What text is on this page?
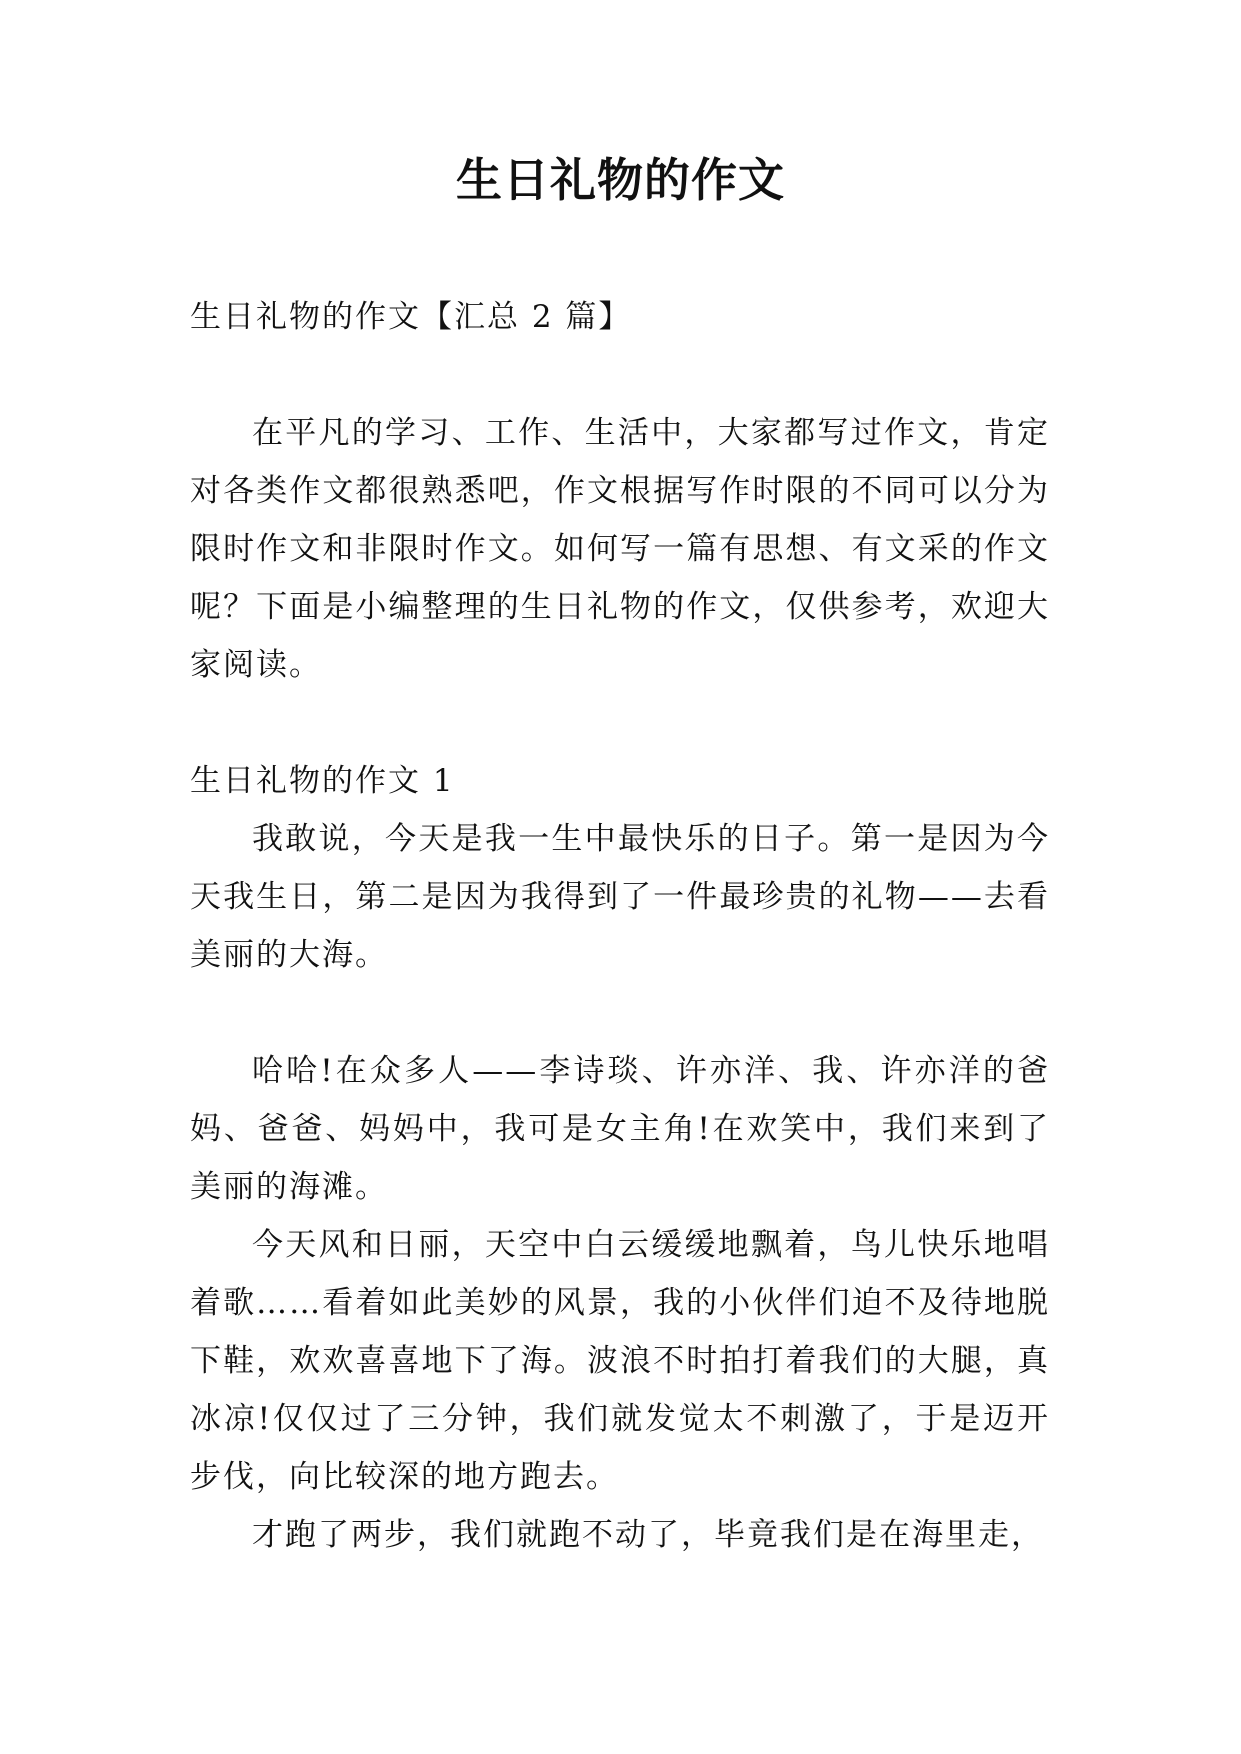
生日礼物的作文

生日礼物的作文【汇总 2 篇】

在平凡的学习、工作、生活中，大家都写过作文，肯定对各类作文都很熟悉吧，作文根据写作时限的不同可以分为限时作文和非限时作文。如何写一篇有思想、有文采的作文呢？下面是小编整理的生日礼物的作文，仅供参考，欢迎大家阅读。

生日礼物的作文 1

我敢说，今天是我一生中最快乐的日子。第一是因为今天我生日，第二是因为我得到了一件最珍贵的礼物——去看美丽的大海。

哈哈!在众多人——李诗琰、许亦洋、我、许亦洋的爸妈、爸爸、妈妈中，我可是女主角!在欢笑中，我们来到了美丽的海滩。

今天风和日丽，天空中白云缓缓地飘着，鸟儿快乐地唱着歌……看着如此美妙的风景，我的小伙伴们迫不及待地脱下鞋，欢欢喜喜地下了海。波浪不时拍打着我们的大腿，真冰凉!仅仅过了三分钟，我们就发觉太不刺激了，于是迈开步伐，向比较深的地方跑去。

才跑了两步，我们就跑不动了，毕竟我们是在海里走，
